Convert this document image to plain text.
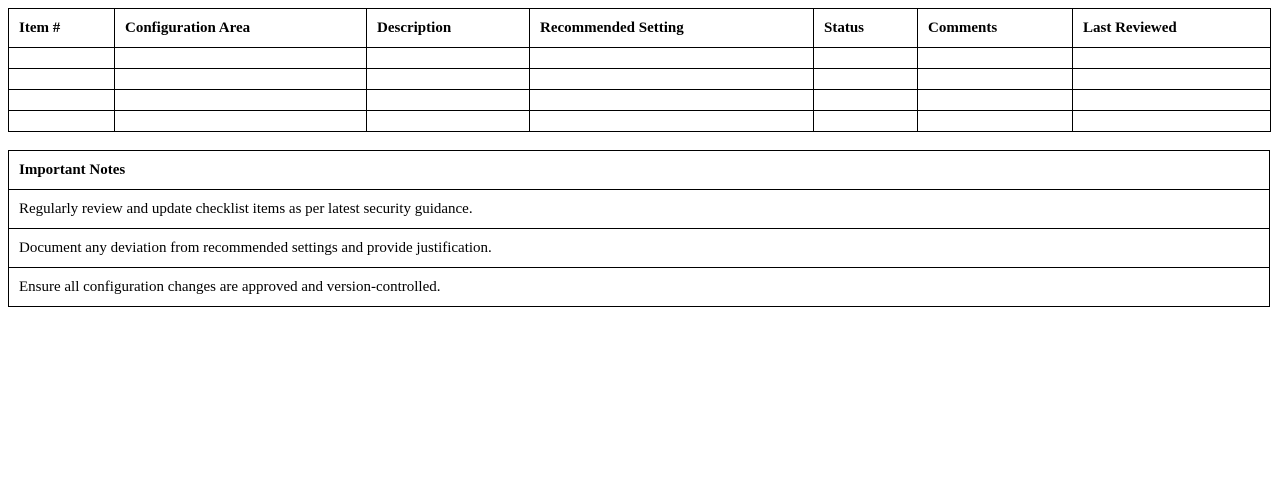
Item #	Configuration Area	Description	Recommended Setting	Status	Comments	Last Reviewed

Important Notes
Regularly review and update checklist items as per latest security guidance.
Document any deviation from recommended settings and provide justification.
Ensure all configuration changes are approved and version-controlled.
